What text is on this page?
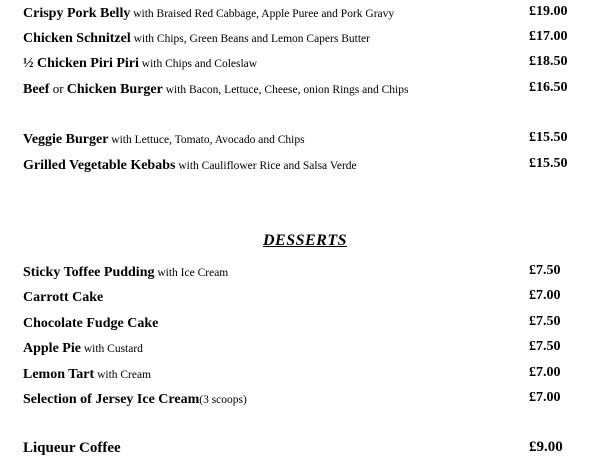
Crispy Pork Belly with Braised Red Cabbage, Apple Puree and Pork Gravy	£19.00
Chicken Schnitzel with Chips, Green Beans and Lemon Capers Butter	£17.00
½ Chicken Piri Piri with Chips and Coleslaw	£18.50
Beef or Chicken Burger with Bacon, Lettuce, Cheese, onion Rings and Chips	£16.50
Veggie Burger with Lettuce, Tomato, Avocado and Chips	£15.50
Grilled Vegetable Kebabs with Cauliflower Rice and Salsa Verde	£15.50
DESSERTS
Sticky Toffee Pudding with Ice Cream	£7.50
Carrott Cake	£7.00
Chocolate Fudge Cake	£7.50
Apple Pie with Custard	£7.50
Lemon Tart with Cream	£7.00
Selection of Jersey Ice Cream(3 scoops)	£7.00
Liqueur Coffee	£9.00
